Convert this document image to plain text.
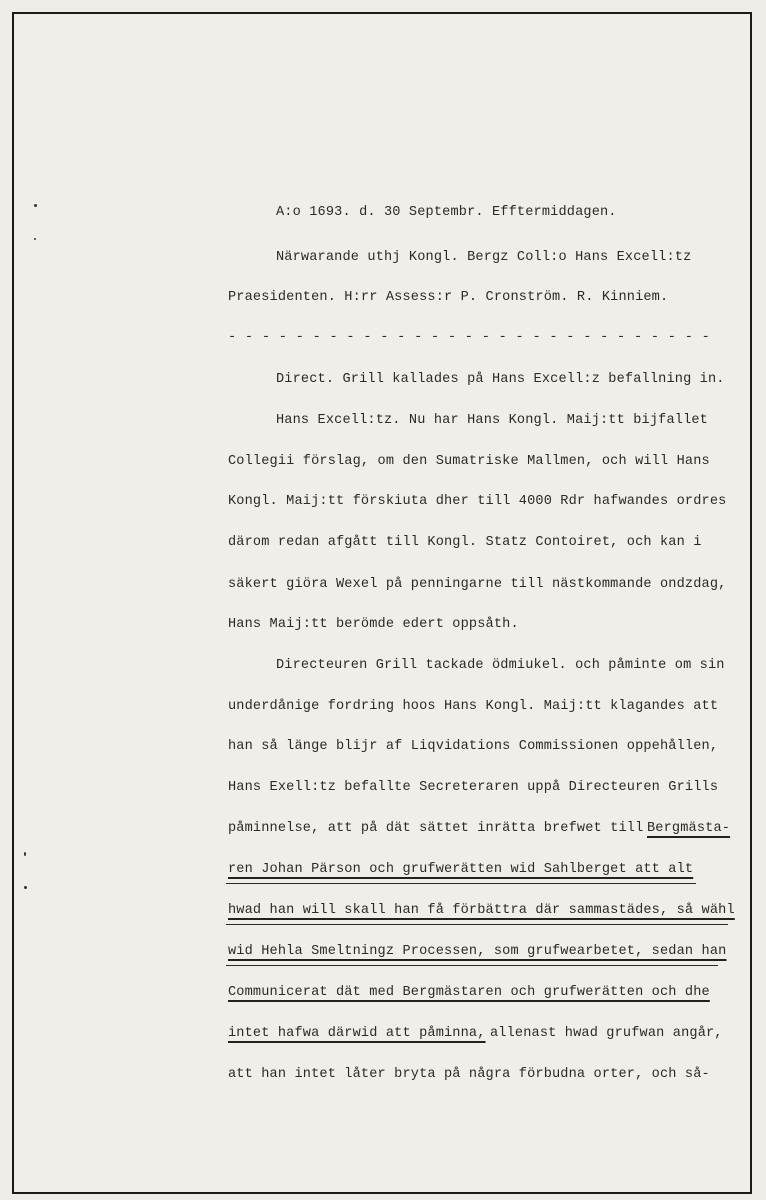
A:o 1693. d. 30 Septembr. Efftermiddagen.
Närwarande uthj Kongl. Bergz Coll:o Hans Excell:tz
Praesidenten. H:rr Assess:r P. Cronström. R. Kinniem.
- - - - - - - - - - - - - - - - - - - - - - - - - - - - -
Direct. Grill kallades på Hans Excell:z befallning in.
Hans Excell:tz. Nu har Hans Kongl. Maij:tt bijfallet
Collegii förslag, om den Sumatriske Mallmen, och will Hans
Kongl. Maij:tt förskiuta dher till 4000 Rdr hafwandes ordres
därom redan afgått till Kongl. Statz Contoiret, och kan i
säkert giöra Wexel på penningarne till nästkommande ondzdag,
Hans Maij:tt berömde edert oppsåth.
Directeuren Grill tackade ödmiukel. och påminte om sin
underdånige fordring hoos Hans Kongl. Maij:tt klagandes att
han så länge blijr af Liqvidations Commissionen oppehållen,
Hans Exell:tz befallte Secreteraren uppå Directeuren Grills
påminnelse, att på dät sättet inrätta brefwet till Bergmästa-
ren Johan Pärson och grufwerätten wid Sahlberget att alt
hwad han will skall han få förbättra där sammastädes, så wähl
wid Hehla Smeltningz Processen, som grufwearbetet, sedan han
Communicerat dät med Bergmästaren och grufwerätten och dhe
intet hafwa därwid att påminna, allenast hwad grufwan angår,
att han intet låter bryta på några förbudna orter, och så-
